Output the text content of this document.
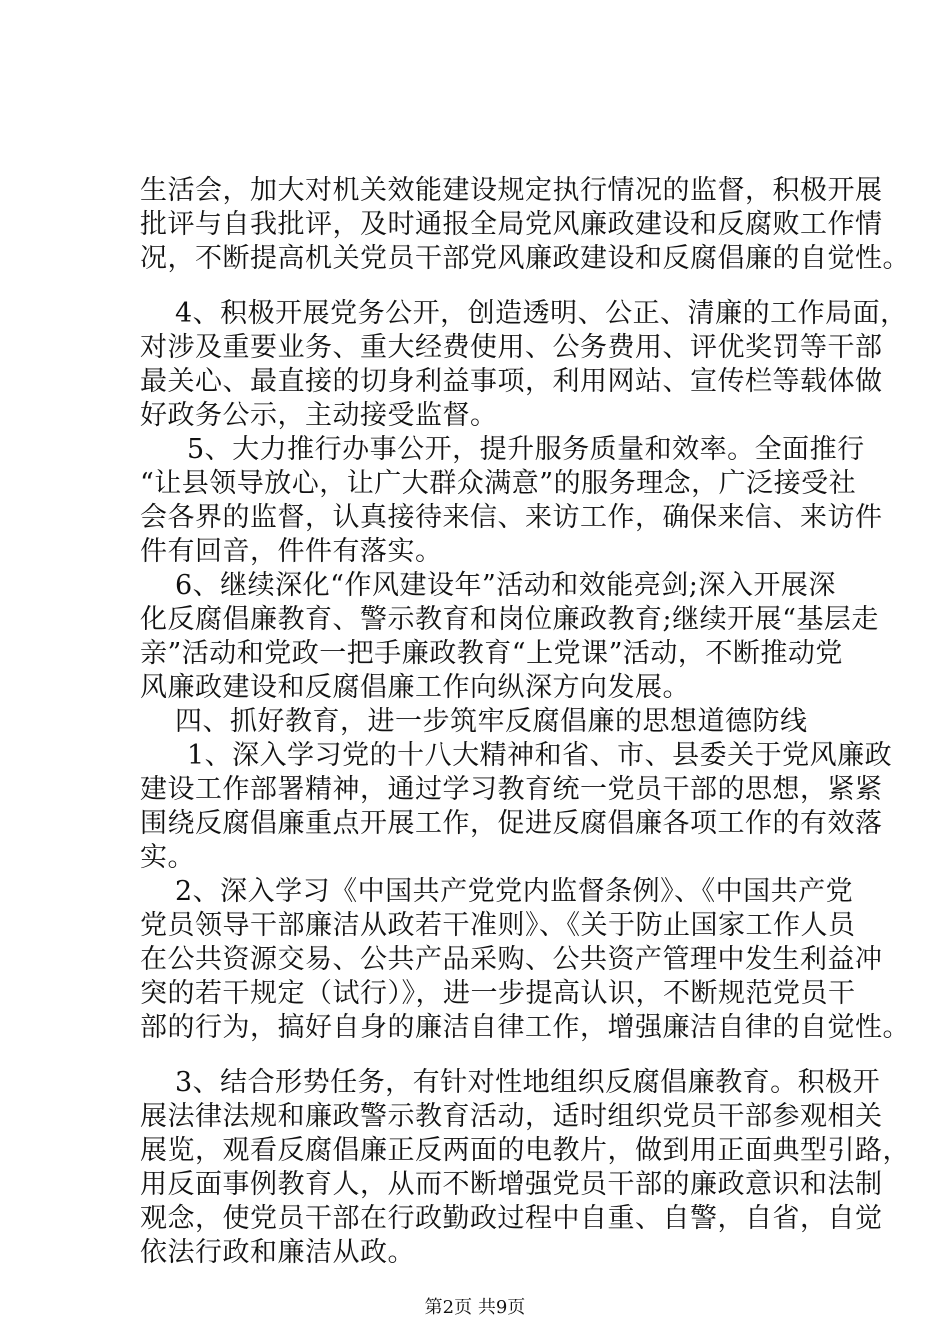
生活会，加大对机关效能建设规定执行情况的监督，积极开展
批评与自我批评，及时通报全局党风廉政建设和反腐败工作情
况，不断提高机关党员干部党风廉政建设和反腐倡廉的自觉性。
4、积极开展党务公开，创造透明、公正、清廉的工作局面，
对涉及重要业务、重大经费使用、公务费用、评优奖罚等干部
最关心、最直接的切身利益事项，利用网站、宣传栏等载体做
好政务公示，主动接受监督。
5、大力推行办事公开，提升服务质量和效率。全面推行
“让县领导放心，让广大群众满意”的服务理念，广泛接受社
会各界的监督，认真接待来信、来访工作，确保来信、来访件
件有回音，件件有落实。
6、继续深化“作风建设年”活动和效能亮剑;深入开展深
化反腐倡廉教育、警示教育和岗位廉政教育;继续开展“基层走
亲”活动和党政一把手廉政教育“上党课”活动，不断推动党
风廉政建设和反腐倡廉工作向纵深方向发展。
四、抓好教育，进一步筑牢反腐倡廉的思想道德防线
1、深入学习党的十八大精神和省、市、县委关于党风廉政
建设工作部署精神，通过学习教育统一党员干部的思想，紧紧
围绕反腐倡廉重点开展工作，促进反腐倡廉各项工作的有效落
实。
2、深入学习《中国共产党党内监督条例》、《中国共产党
党员领导干部廉洁从政若干准则》、《关于防止国家工作人员
在公共资源交易、公共产品采购、公共资产管理中发生利益冲
突的若干规定（试行）》，进一步提高认识，不断规范党员干
部的行为，搞好自身的廉洁自律工作，增强廉洁自律的自觉性。
3、结合形势任务，有针对性地组织反腐倡廉教育。积极开
展法律法规和廉政警示教育活动，适时组织党员干部参观相关
展览，观看反腐倡廉正反两面的电教片，做到用正面典型引路，
用反面事例教育人，从而不断增强党员干部的廉政意识和法制
观念，使党员干部在行政勤政过程中自重、自警，自省，自觉
依法行政和廉洁从政。
第2页 共9页
